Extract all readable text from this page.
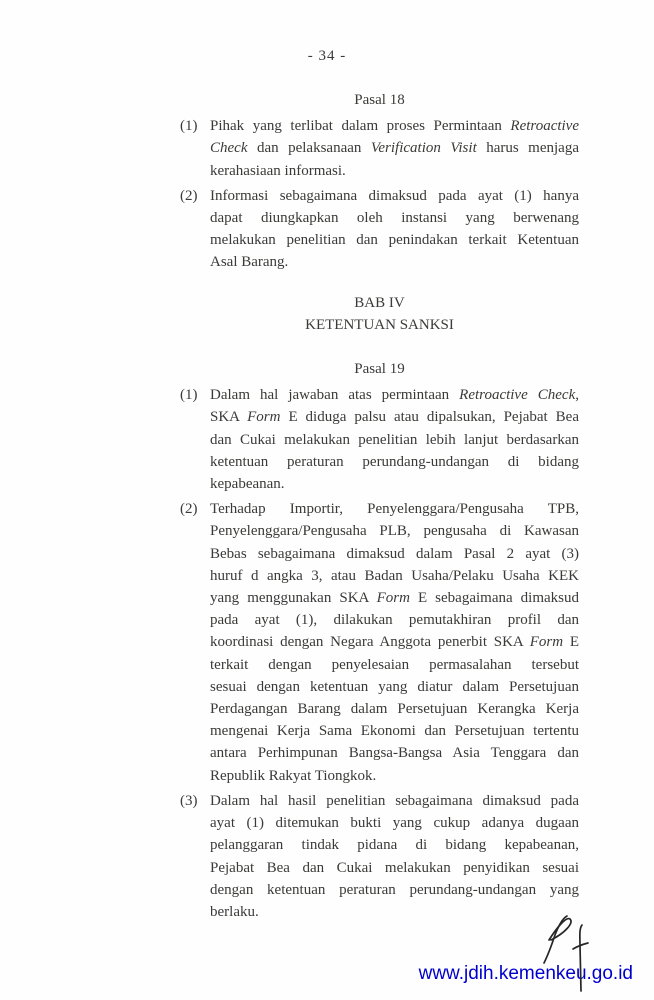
- 34 -
Pasal 18
(1) Pihak yang terlibat dalam proses Permintaan Retroactive
Check dan pelaksanaan Verification Visit harus menjaga
kerahasiaan informasi.
(2) Informasi sebagaimana dimaksud pada ayat (1) hanya
dapat diungkapkan oleh instansi yang berwenang
melakukan penelitian dan penindakan terkait Ketentuan
Asal Barang.
BAB IV
KETENTUAN SANKSI
Pasal 19
(1) Dalam hal jawaban atas permintaan Retroactive Check,
SKA Form E diduga palsu atau dipalsukan, Pejabat Bea
dan Cukai melakukan penelitian lebih lanjut berdasarkan
ketentuan peraturan perundang-undangan di bidang
kepabeanan.
(2) Terhadap Importir, Penyelenggara/Pengusaha TPB,
Penyelenggara/Pengusaha PLB, pengusaha di Kawasan
Bebas sebagaimana dimaksud dalam Pasal 2 ayat (3)
huruf d angka 3, atau Badan Usaha/Pelaku Usaha KEK
yang menggunakan SKA Form E sebagaimana dimaksud
pada ayat (1), dilakukan pemutakhiran profil dan
koordinasi dengan Negara Anggota penerbit SKA Form E
terkait dengan penyelesaian permasalahan tersebut
sesuai dengan ketentuan yang diatur dalam Persetujuan
Perdagangan Barang dalam Persetujuan Kerangka Kerja
mengenai Kerja Sama Ekonomi dan Persetujuan tertentu
antara Perhimpunan Bangsa-Bangsa Asia Tenggara dan
Republik Rakyat Tiongkok.
(3) Dalam hal hasil penelitian sebagaimana dimaksud pada
ayat (1) ditemukan bukti yang cukup adanya dugaan
pelanggaran tindak pidana di bidang kepabeanan,
Pejabat Bea dan Cukai melakukan penyidikan sesuai
dengan ketentuan peraturan perundang-undangan yang
berlaku.
www.jdih.kemenkeu.go.id
